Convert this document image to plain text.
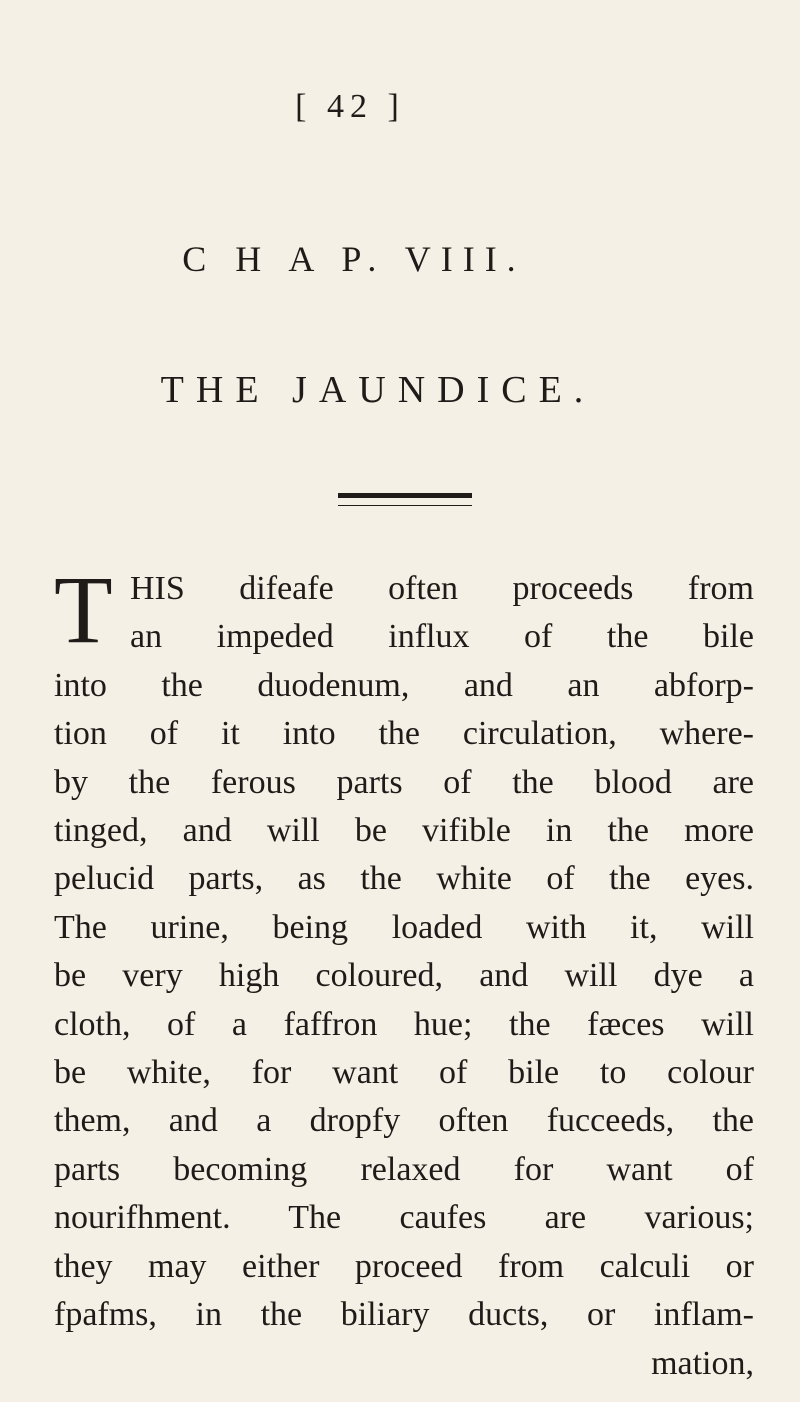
[ 42 ]
C H A P. VIII.
THE JAUNDICE.
T HIS difeafe often proceeds from
an impeded influx of the bile
into the duodenum, and an abforp-
tion of it into the circulation, where-
by the ferous parts of the blood are
tinged, and will be vifible in the more
pelucid parts, as the white of the eyes.
The urine, being loaded with it, will
be very high coloured, and will dye a
cloth, of a faffron hue; the fæces will
be white, for want of bile to colour
them, and a dropfy often fucceeds, the
parts becoming relaxed for want of
nourifhment. The caufes are various;
they may either proceed from calculi or
fpafms, in the biliary ducts, or inflam-
mation,
